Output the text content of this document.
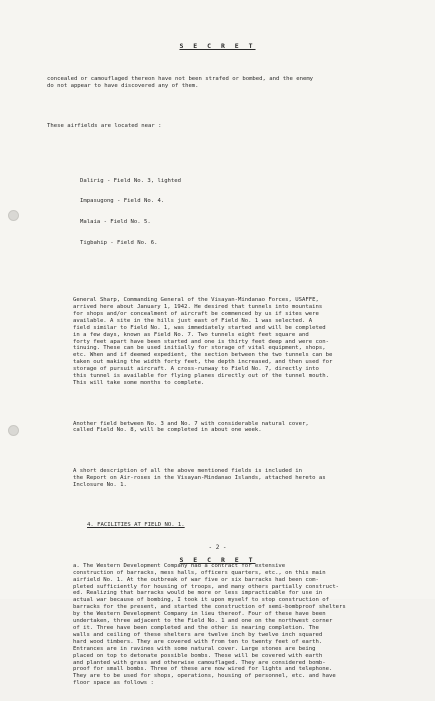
S E C R E T

concealed or camouflaged thereon have not been strafed or bombed, and the enemy
do not appear to have discovered any of them.

These airfields are located near :

Dalirig - Field No. 3, lighted

Impasugong - Field No. 4.

Malaia - Field No. 5.

Tigbahip - Field No. 6.

General Sharp, Commanding General of the Visayan-Mindanao Forces, USAFFE,
arrived here about January 1, 1942. He desired that tunnels into mountains
for shops and/or concealment of aircraft be commenced by us if sites were
available. A site in the hills just east of Field No. 1 was selected. A
field similar to Field No. 1, was immediately started and will be completed
in a few days, known as Field No. 7. Two tunnels eight feet square and
forty feet apart have been started and one is thirty feet deep and were con-
tinuing. These can be used initially for storage of vital equipment, shops,
etc. When and if deemed expedient, the section between the two tunnels can be
taken out making the width forty feet, the depth increased, and then used for
storage of pursuit aircraft. A cross-runway to Field No. 7, directly into
this tunnel is available for flying planes directly out of the tunnel mouth.
This will take some months to complete.

Another field between No. 3 and No. 7 with considerable natural cover,
called Field No. 8, will be completed in about one week.

A short description of all the above mentioned fields is included in
the Report on Air-roses in the Visayan-Mindanao Islands, attached hereto as
Inclosure No. 1.

4. FACILITIES AT FIELD NO. 1.

a. The Western Development Company had a contract for extensive
construction of barracks, mess halls, officers quarters, etc., on this main
airfield No. 1. At the outbreak of war five or six barracks had been com-
pleted sufficiently for housing of troops, and many others partially construct-
ed. Realizing that barracks would be more or less impracticable for use in
actual war because of bombing, I took it upon myself to stop construction of
barracks for the present, and started the construction of semi-bombproof shelters
by the Western Development Company in lieu thereof. Four of these have been
undertaken, three adjacent to the Field No. 1 and one on the northwest corner
of it. Three have been completed and the other is nearing completion. The
walls and ceiling of these shelters are twelve inch by twelve inch squared
hard wood timbers. They are covered with from ten to twenty feet of earth.
Entrances are in ravines with some natural cover. Large stones are being
placed on top to detonate possible bombs. These will be covered with earth
and planted with grass and otherwise camouflaged. They are considered bomb-
proof for small bombs. Three of these are now wired for lights and telephone.
They are to be used for shops, operations, housing of personnel, etc. and have
floor space as follows :

- 2 -
S E C R E T
